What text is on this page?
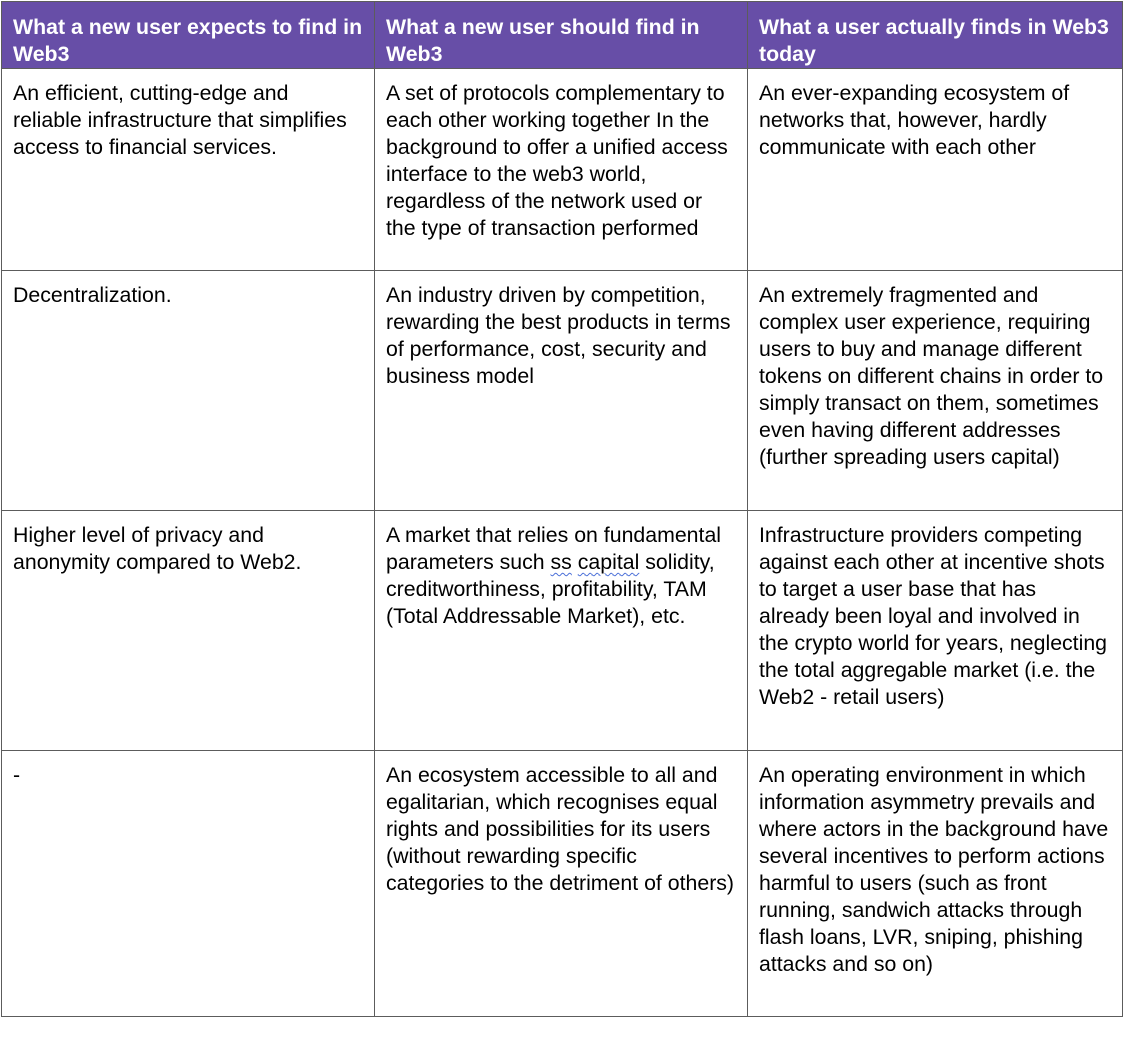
What a new user expects to find in Web3	What a new user should find in Web3	What a user actually finds in Web3 today
An efficient, cutting-edge and reliable infrastructure that simplifies access to financial services.	A set of protocols complementary to each other working together In the background to offer a unified access interface to the web3 world, regardless of the network used or the type of transaction performed	An ever-expanding ecosystem of networks that, however, hardly communicate with each other
Decentralization.	An industry driven by competition, rewarding the best products in terms of performance, cost, security and business model	An extremely fragmented and complex user experience, requiring users to buy and manage different tokens on different chains in order to simply transact on them, sometimes even having different addresses (further spreading users capital)
Higher level of privacy and anonymity compared to Web2.	A market that relies on fundamental parameters such ss capital solidity, creditworthiness, profitability, TAM (Total Addressable Market), etc.	Infrastructure providers competing against each other at incentive shots to target a user base that has already been loyal and involved in the crypto world for years, neglecting the total aggregable market (i.e. the Web2 - retail users)
-	An ecosystem accessible to all and egalitarian, which recognises equal rights and possibilities for its users (without rewarding specific categories to the detriment of others)	An operating environment in which information asymmetry prevails and where actors in the background have several incentives to perform actions harmful to users (such as front running, sandwich attacks through flash loans, LVR, sniping, phishing attacks and so on)
